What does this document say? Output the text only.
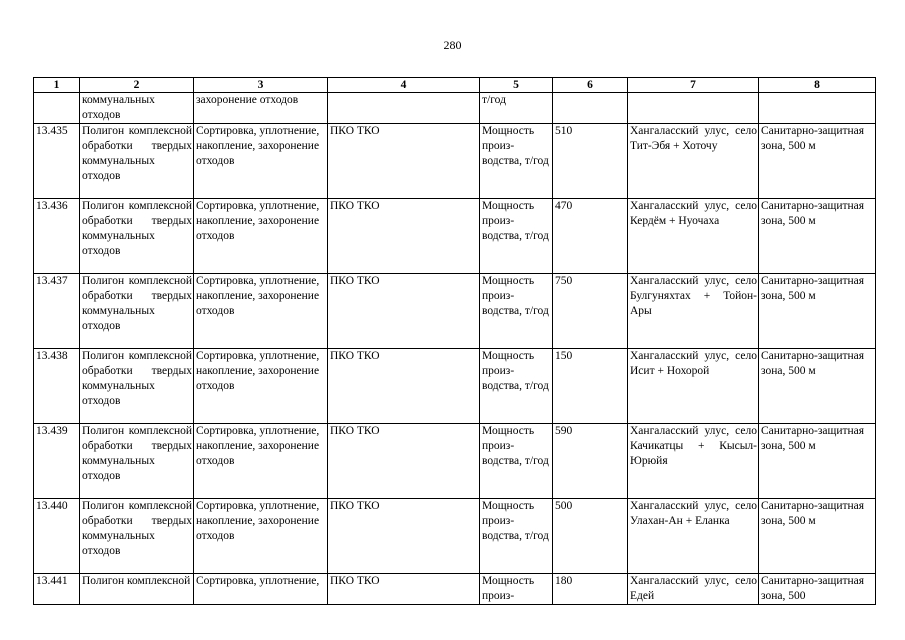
280
1	2	3	4	5	6	7	8
	коммунальных отходов	захоронение отходов		т/год			
13.435	Полигон комплексной обработки твердых коммунальных отходов	Сортировка, уплотнение, накопление, захоронение отходов	ПКО ТКО	Мощность произ-водства, т/год	510	Хангаласский улус, село Тит-Эбя + Хоточу	Санитарно-защитная зона, 500 м
13.436	Полигон комплексной обработки твердых коммунальных отходов	Сортировка, уплотнение, накопление, захоронение отходов	ПКО ТКО	Мощность произ-водства, т/год	470	Хангаласский улус, село Кердём + Нуочаха	Санитарно-защитная зона, 500 м
13.437	Полигон комплексной обработки твердых коммунальных отходов	Сортировка, уплотнение, накопление, захоронение отходов	ПКО ТКО	Мощность произ-водства, т/год	750	Хангаласский улус, село Булгуняхтах + Тойон-Ары	Санитарно-защитная зона, 500 м
13.438	Полигон комплексной обработки твердых коммунальных отходов	Сортировка, уплотнение, накопление, захоронение отходов	ПКО ТКО	Мощность произ-водства, т/год	150	Хангаласский улус, село Исит + Нохорой	Санитарно-защитная зона, 500 м
13.439	Полигон комплексной обработки твердых коммунальных отходов	Сортировка, уплотнение, накопление, захоронение отходов	ПКО ТКО	Мощность произ-водства, т/год	590	Хангаласский улус, село Качикатцы + Кысыл- Юрюйя	Санитарно-защитная зона, 500 м
13.440	Полигон комплексной обработки твердых коммунальных отходов	Сортировка, уплотнение, накопление, захоронение отходов	ПКО ТКО	Мощность произ-водства, т/год	500	Хангаласский улус, село Улахан-Ан + Еланка	Санитарно-защитная зона, 500 м
13.441	Полигон комплексной	Сортировка, уплотнение,	ПКО ТКО	Мощность произ-	180	Хангаласский улус, село Едей	Санитарно-защитная зона, 500
